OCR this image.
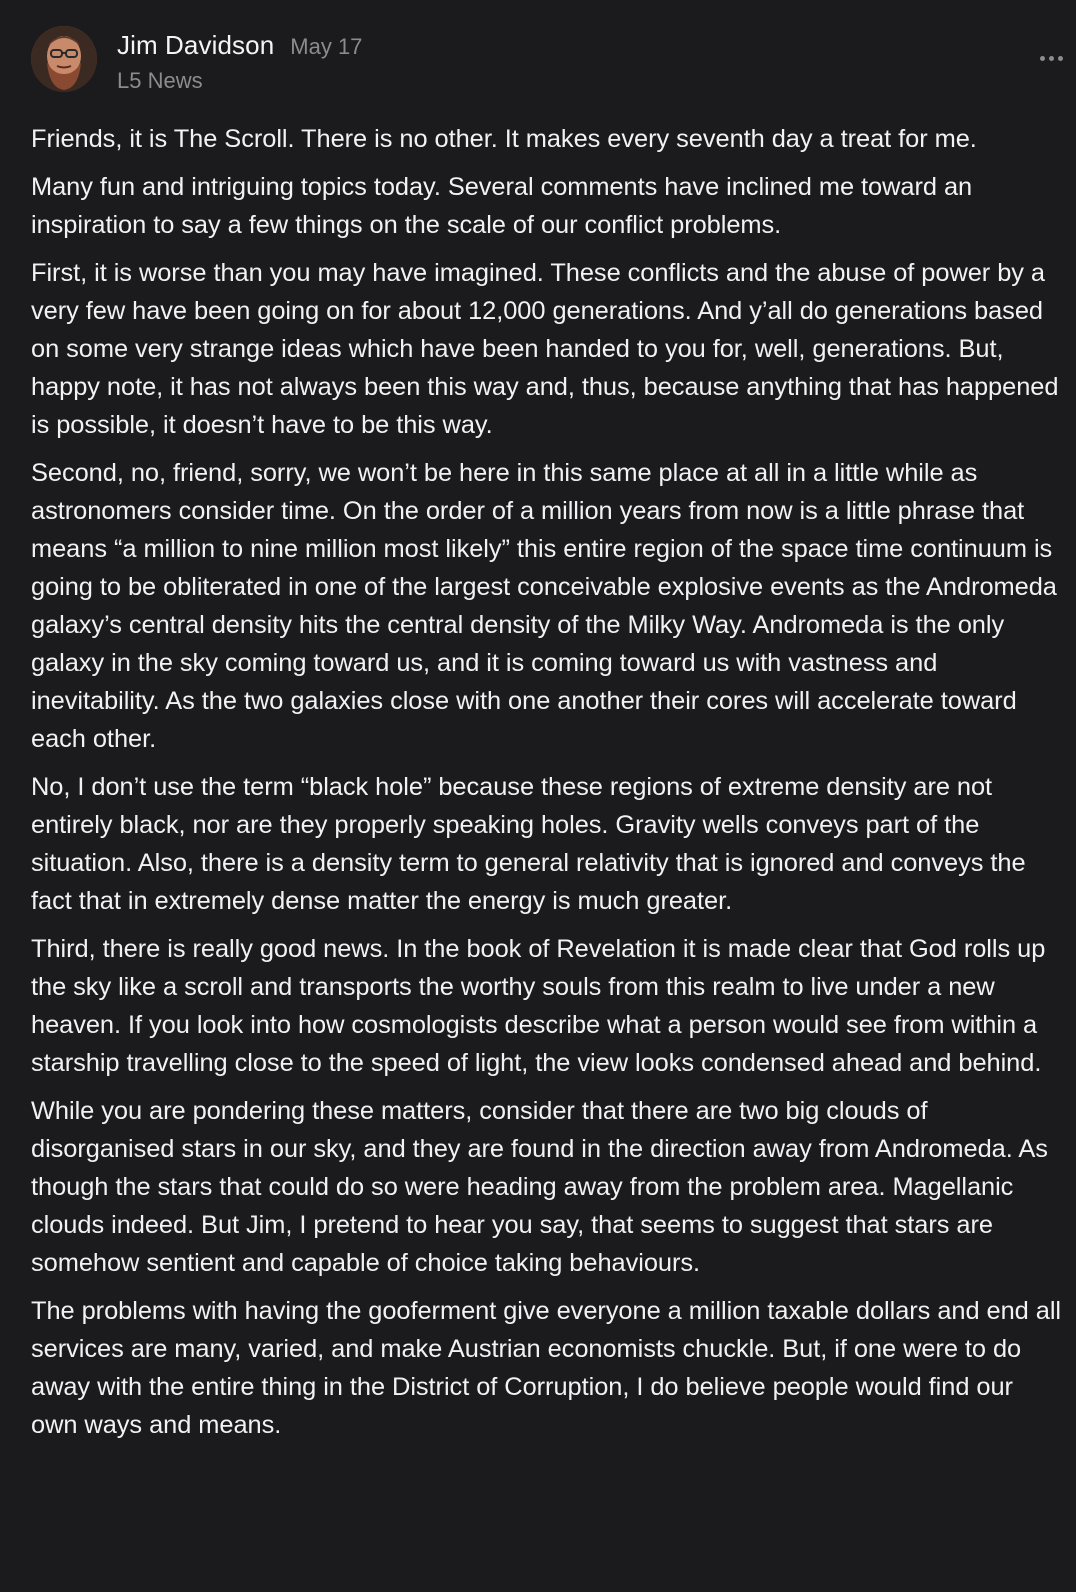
Jim Davidson May 17
L5 News

Friends, it is The Scroll. There is no other. It makes every seventh day a treat for me.

Many fun and intriguing topics today. Several comments have inclined me toward an inspiration to say a few things on the scale of our conflict problems.

First, it is worse than you may have imagined. These conflicts and the abuse of power by a very few have been going on for about 12,000 generations. And y’all do generations based on some very strange ideas which have been handed to you for, well, generations. But, happy note, it has not always been this way and, thus, because anything that has happened is possible, it doesn’t have to be this way.

Second, no, friend, sorry, we won’t be here in this same place at all in a little while as astronomers consider time. On the order of a million years from now is a little phrase that means “a million to nine million most likely” this entire region of the space time continuum is going to be obliterated in one of the largest conceivable explosive events as the Andromeda galaxy’s central density hits the central density of the Milky Way. Andromeda is the only galaxy in the sky coming toward us, and it is coming toward us with vastness and inevitability. As the two galaxies close with one another their cores will accelerate toward each other.

No, I don’t use the term “black hole” because these regions of extreme density are not entirely black, nor are they properly speaking holes. Gravity wells conveys part of the situation. Also, there is a density term to general relativity that is ignored and conveys the fact that in extremely dense matter the energy is much greater.

Third, there is really good news. In the book of Revelation it is made clear that God rolls up the sky like a scroll and transports the worthy souls from this realm to live under a new heaven. If you look into how cosmologists describe what a person would see from within a starship travelling close to the speed of light, the view looks condensed ahead and behind.

While you are pondering these matters, consider that there are two big clouds of disorganised stars in our sky, and they are found in the direction away from Andromeda. As though the stars that could do so were heading away from the problem area. Magellanic clouds indeed. But Jim, I pretend to hear you say, that seems to suggest that stars are somehow sentient and capable of choice taking behaviours.

The problems with having the gooferment give everyone a million taxable dollars and end all services are many, varied, and make Austrian economists chuckle. But, if one were to do away with the entire thing in the District of Corruption, I do believe people would find our own ways and means.
